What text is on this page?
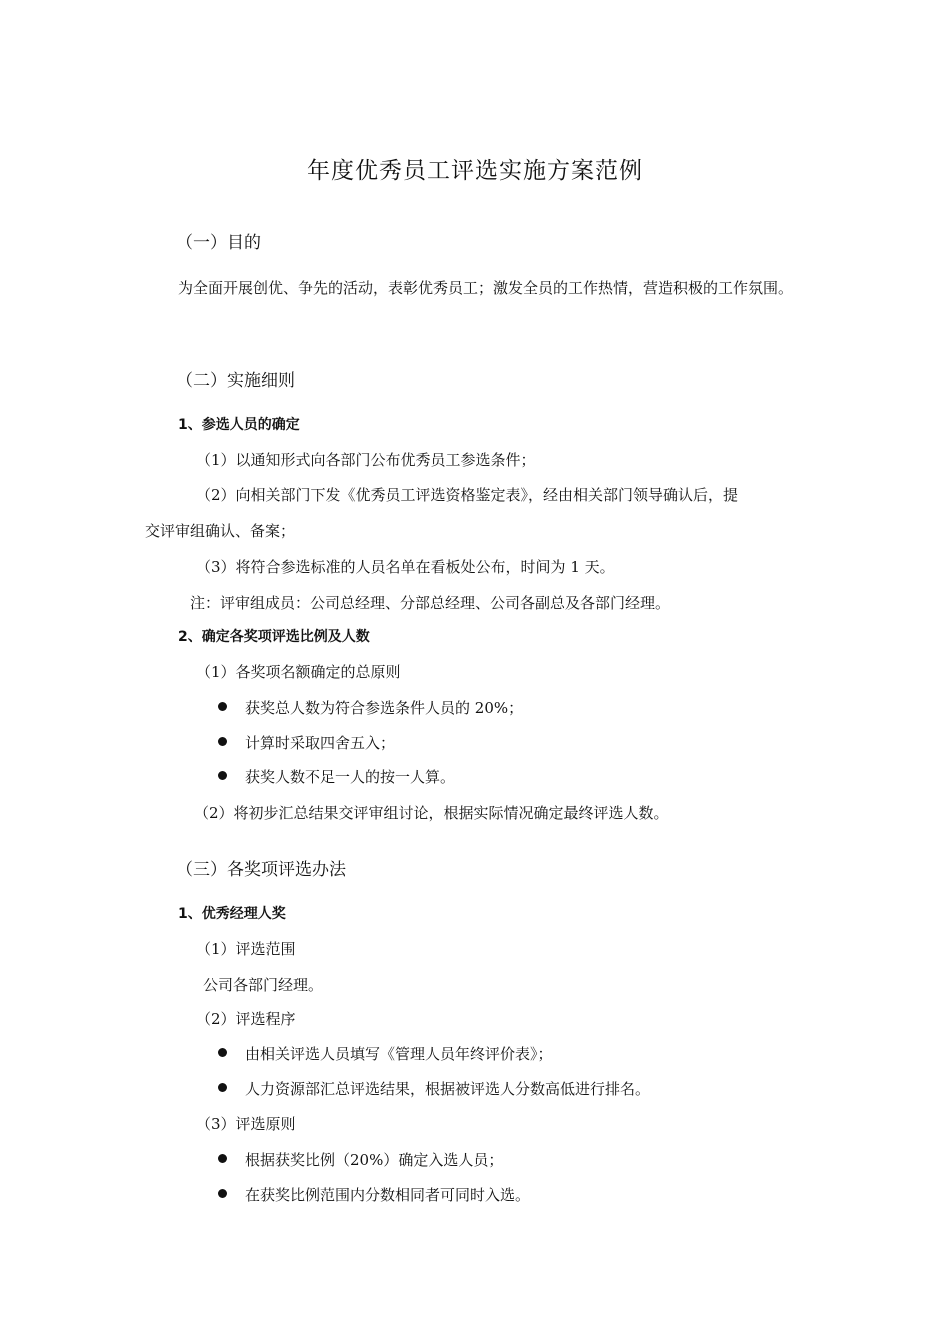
年度优秀员工评选实施方案范例
（一）目的
为全面开展创优、争先的活动，表彰优秀员工；激发全员的工作热情，营造积极的工作氛围。
（二）实施细则
1、参选人员的确定
（1）以通知形式向各部门公布优秀员工参选条件；
（2）向相关部门下发《优秀员工评选资格鉴定表》，经由相关部门领导确认后，提
交评审组确认、备案；
（3）将符合参选标准的人员名单在看板处公布，时间为 1 天。
注：评审组成员：公司总经理、分部总经理、公司各副总及各部门经理。
2、确定各奖项评选比例及人数
（1）各奖项名额确定的总原则
获奖总人数为符合参选条件人员的 20%；
计算时采取四舍五入；
获奖人数不足一人的按一人算。
（2）将初步汇总结果交评审组讨论，根据实际情况确定最终评选人数。
（三）各奖项评选办法
1、优秀经理人奖
（1）评选范围
公司各部门经理。
（2）评选程序
由相关评选人员填写《管理人员年终评价表》；
人力资源部汇总评选结果，根据被评选人分数高低进行排名。
（3）评选原则
根据获奖比例（20%）确定入选人员；
在获奖比例范围内分数相同者可同时入选。
